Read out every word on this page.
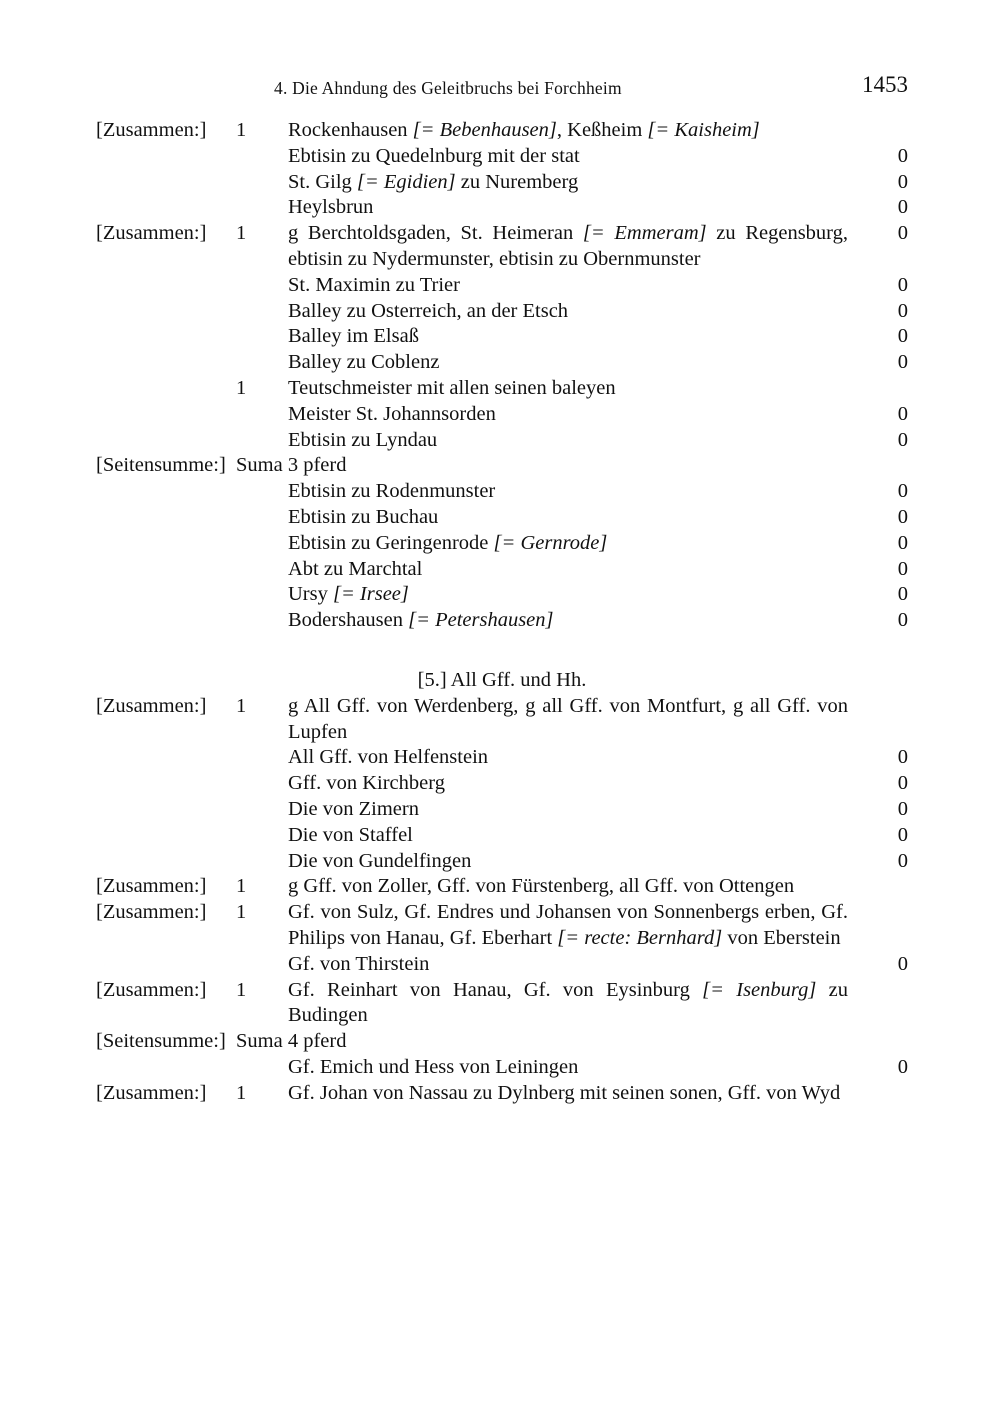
4. Die Ahndung des Geleitbruchs bei Forchheim	1453
[Zusammen:]	1	Rockenhausen [= Bebenhausen], Keßheim [= Kaisheim]	
		Ebtisin zu Quedelnburg mit der stat	0
		St. Gilg [= Egidien] zu Nuremberg	0
		Heylsbrun	0
[Zusammen:]	1	g Berchtoldsgaden, St. Heimeran [= Emmeram] zu Regensburg, ebtisin zu Nydermunster, ebtisin zu Obernmunster	0
		St. Maximin zu Trier	0
		Balley zu Osterreich, an der Etsch	0
		Balley im Elsaß	0
		Balley zu Coblenz	0
	1	Teutschmeister mit allen seinen baleyen	
		Meister St. Johannsorden	0
		Ebtisin zu Lyndau	0
[Seitensumme:]	Suma 3 pferd		
		Ebtisin zu Rodenmunster	0
		Ebtisin zu Buchau	0
		Ebtisin zu Geringenrode [= Gernrode]	0
		Abt zu Marchtal	0
		Ursy [= Irsee]	0
		Bodershausen [= Petershausen]	0

[5.] All Gff. und Hh.
[Zusammen:]	1	g All Gff. von Werdenberg, g all Gff. von Montfurt, g all Gff. von Lupfen	
		All Gff. von Helfenstein	0
		Gff. von Kirchberg	0
		Die von Zimern	0
		Die von Staffel	0
		Die von Gundelfingen	0
[Zusammen:]	1	g Gff. von Zoller, Gff. von Fürstenberg, all Gff. von Ottengen	
[Zusammen:]	1	Gf. von Sulz, Gf. Endres und Johansen von Sonnenbergs erben, Gf. Philips von Hanau, Gf. Eberhart [= recte: Bernhard] von Eberstein	
		Gf. von Thirstein	0
[Zusammen:]	1	Gf. Reinhart von Hanau, Gf. von Eysinburg [= Isenburg] zu Budingen	
[Seitensumme:]	Suma 4 pferd		
		Gf. Emich und Hess von Leiningen	0
[Zusammen:]	1	Gf. Johan von Nassau zu Dylnberg mit seinen sonen, Gff. von Wyd	
